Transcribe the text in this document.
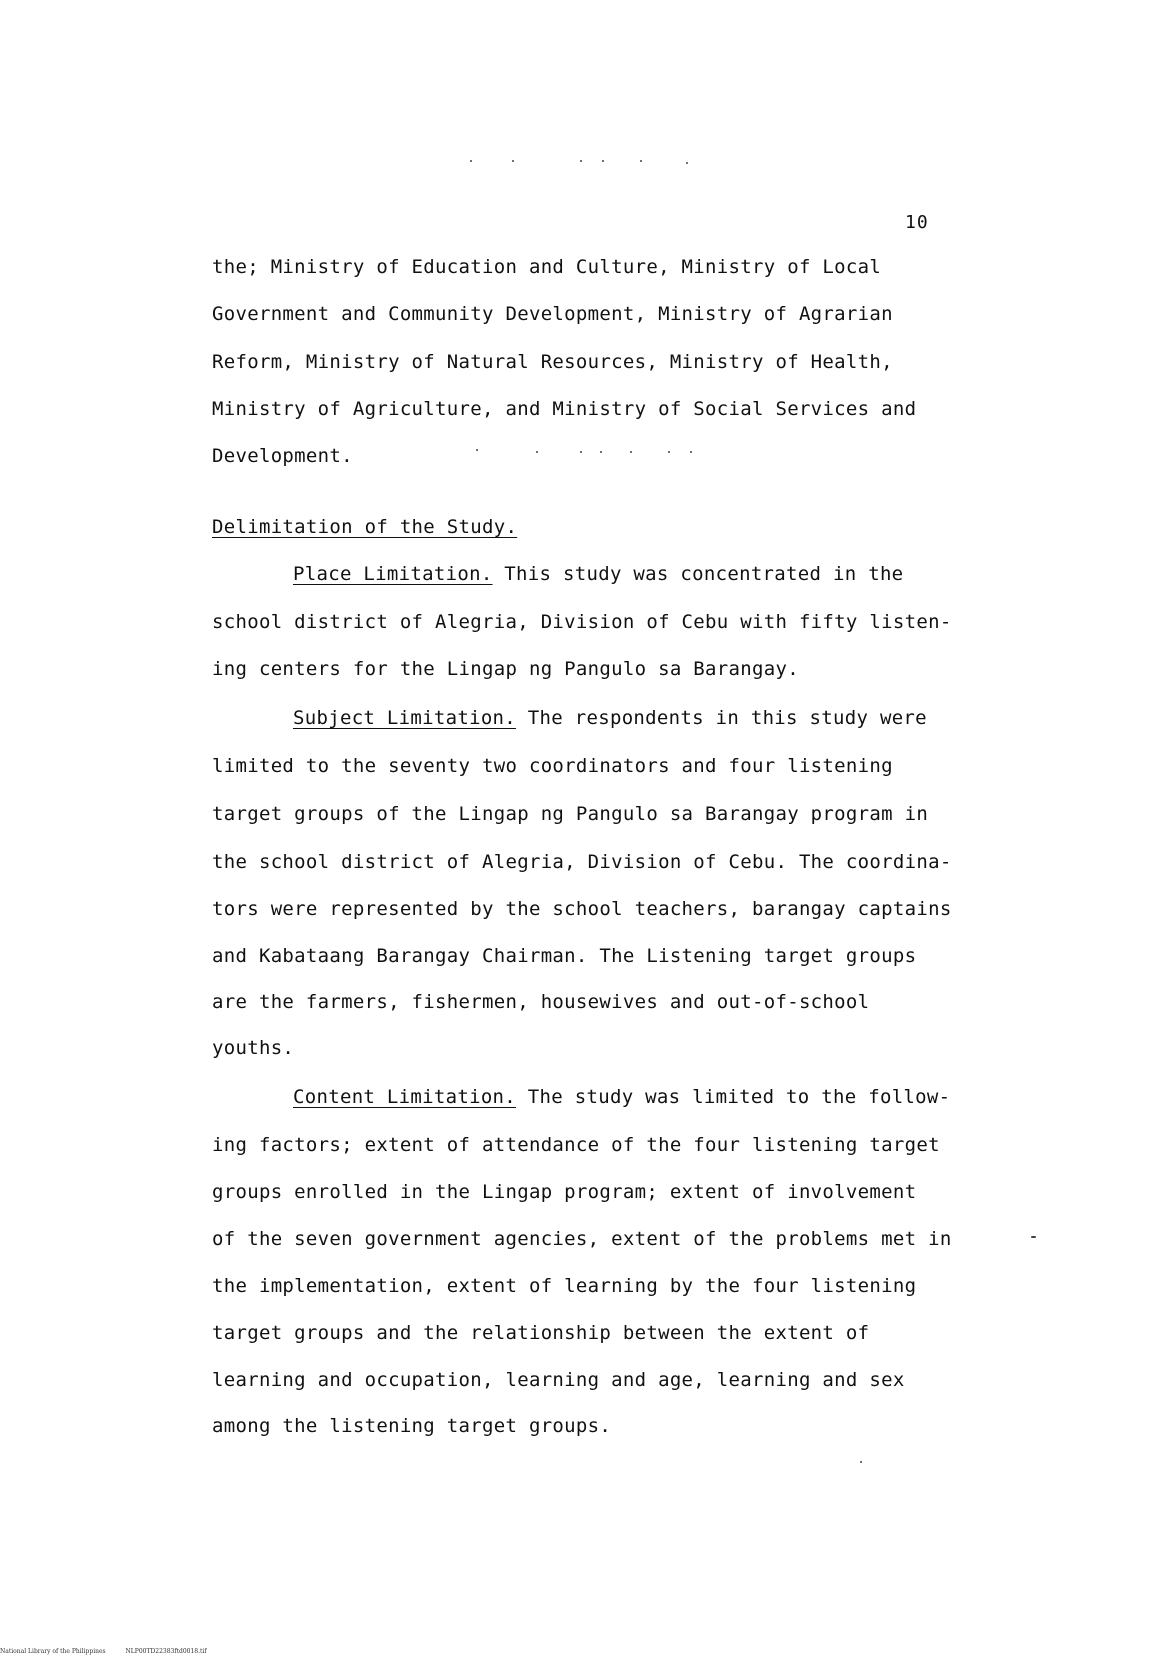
10
the; Ministry of Education and Culture, Ministry of Local
Government and Community Development, Ministry of Agrarian
Reform, Ministry of Natural Resources, Ministry of Health,
Ministry of Agriculture, and Ministry of Social Services and
Development.
Delimitation of the Study.
Place Limitation. This study was concentrated in the
school district of Alegria, Division of Cebu with fifty listen-
ing centers for the Lingap ng Pangulo sa Barangay.
Subject Limitation. The respondents in this study were
limited to the seventy two coordinators and four listening
target groups of the Lingap ng Pangulo sa Barangay program in
the school district of Alegria, Division of Cebu. The coordina-
tors were represented by the school teachers, barangay captains
and Kabataang Barangay Chairman. The Listening target groups
are the farmers, fishermen, housewives and out-of-school
youths.
Content Limitation. The study was limited to the follow-
ing factors; extent of attendance of the four listening target
groups enrolled in the Lingap program; extent of involvement
of the seven government agencies, extent of the problems met in
the implementation, extent of learning by the four listening
target groups and the relationship between the extent of
learning and occupation, learning and age, learning and sex
among the listening target groups.
National Library of the Philippines	NLP00TD22383ftd0018.tif
